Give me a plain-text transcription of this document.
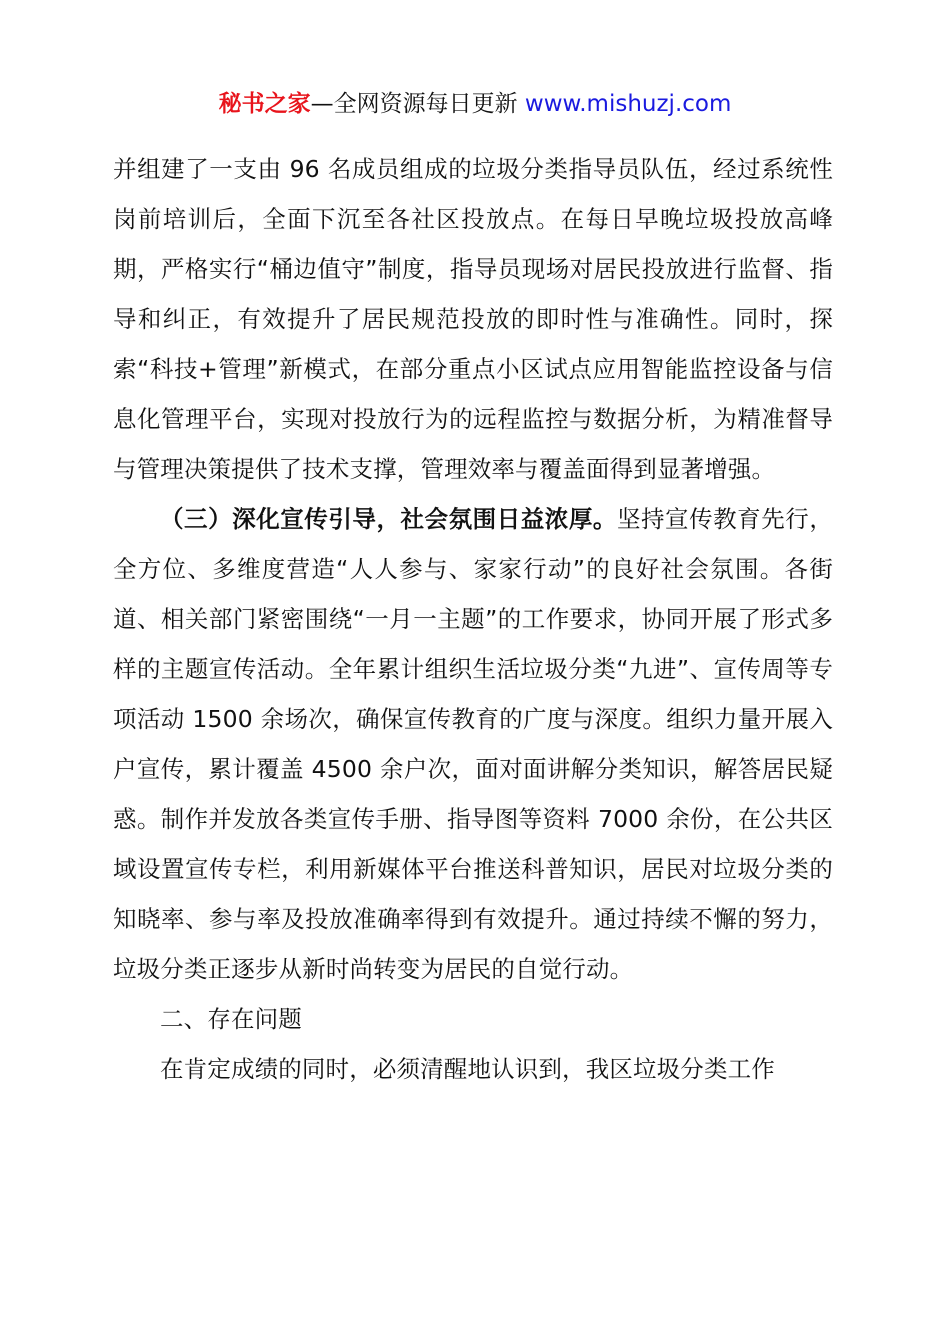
秘书之家—全网资源每日更新 www.mishuzj.com

并组建了一支由 96 名成员组成的垃圾分类指导员队伍，经过系统性岗前培训后，全面下沉至各社区投放点。在每日早晚垃圾投放高峰期，严格实行“桶边值守”制度，指导员现场对居民投放进行监督、指导和纠正，有效提升了居民规范投放的即时性与准确性。同时，探索“科技+管理”新模式，在部分重点小区试点应用智能监控设备与信息化管理平台，实现对投放行为的远程监控与数据分析，为精准督导与管理决策提供了技术支撑，管理效率与覆盖面得到显著增强。

（三）深化宣传引导，社会氛围日益浓厚。坚持宣传教育先行，全方位、多维度营造“人人参与、家家行动”的良好社会氛围。各街道、相关部门紧密围绕“一月一主题”的工作要求，协同开展了形式多样的主题宣传活动。全年累计组织生活垃圾分类“九进”、宣传周等专项活动 1500 余场次，确保宣传教育的广度与深度。组织力量开展入户宣传，累计覆盖 4500 余户次，面对面讲解分类知识，解答居民疑惑。制作并发放各类宣传手册、指导图等资料 7000 余份，在公共区域设置宣传专栏，利用新媒体平台推送科普知识，居民对垃圾分类的知晓率、参与率及投放准确率得到有效提升。通过持续不懈的努力，垃圾分类正逐步从新时尚转变为居民的自觉行动。

二、存在问题

在肯定成绩的同时，必须清醒地认识到，我区垃圾分类工作
